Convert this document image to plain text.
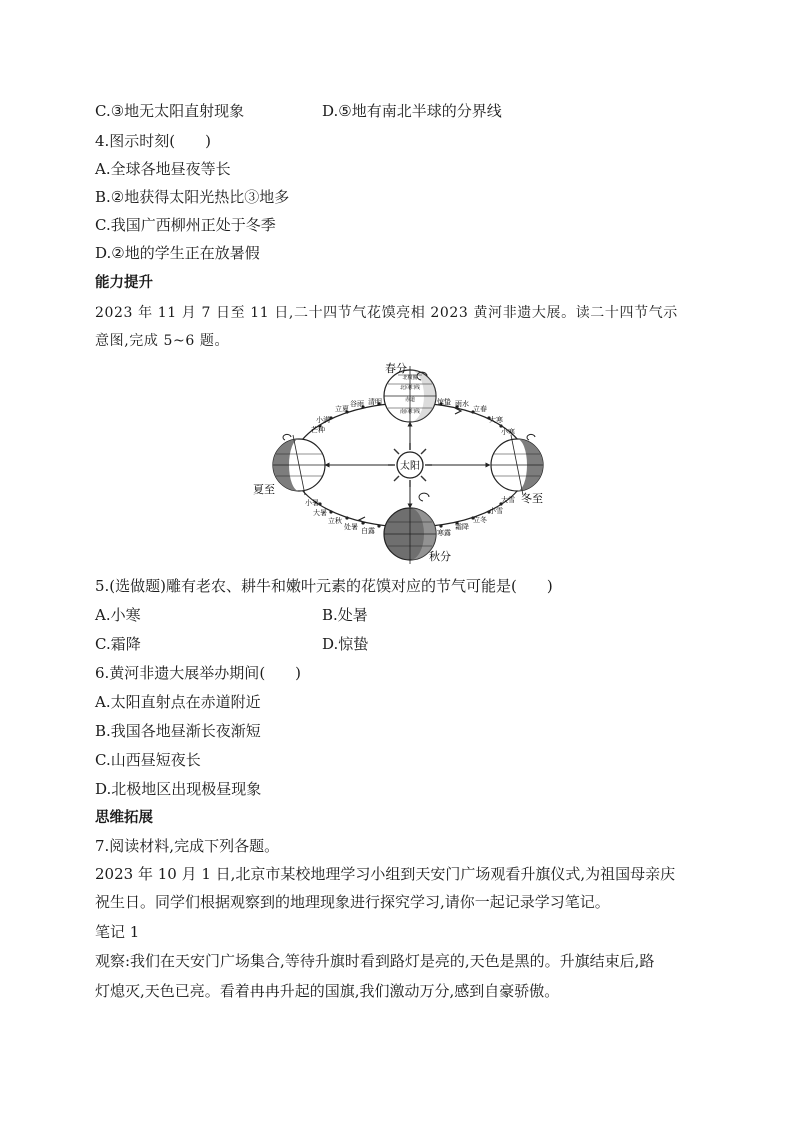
C.③地无太阳直射现象	D.⑤地有南北半球的分界线
4.图示时刻(　　)
A.全球各地昼夜等长
B.②地获得太阳光热比③地多
C.我国广西柳州正处于冬季
D.②地的学生正在放暑假
能力提升
2023 年 11 月 7 日至 11 日,二十四节气花馍亮相 2023 黄河非遗大展。读二十四节气示
意图,完成 5~6 题。
太阳
北极圈
北回归线
赤道
南回归线
春分
夏至
冬至
秋分
芒种
小满
立夏
谷雨 清明	惊蛰 雨水
立春
大寒
小寒
小暑
大暑
立秋
处暑 白露	寒露
霜降
立冬
小雪
大雪
5.(选做题)雕有老农、耕牛和嫩叶元素的花馍对应的节气可能是(　　)
A.小寒	B.处暑
C.霜降	D.惊蛰
6.黄河非遗大展举办期间(　　)
A.太阳直射点在赤道附近
B.我国各地昼渐长夜渐短
C.山西昼短夜长
D.北极地区出现极昼现象
思维拓展
7.阅读材料,完成下列各题。
2023 年 10 月 1 日,北京市某校地理学习小组到天安门广场观看升旗仪式,为祖国母亲庆
祝生日。同学们根据观察到的地理现象进行探究学习,请你一起记录学习笔记。
笔记 1
观察:我们在天安门广场集合,等待升旗时看到路灯是亮的,天色是黑的。升旗结束后,路
灯熄灭,天色已亮。看着冉冉升起的国旗,我们激动万分,感到自豪骄傲。
